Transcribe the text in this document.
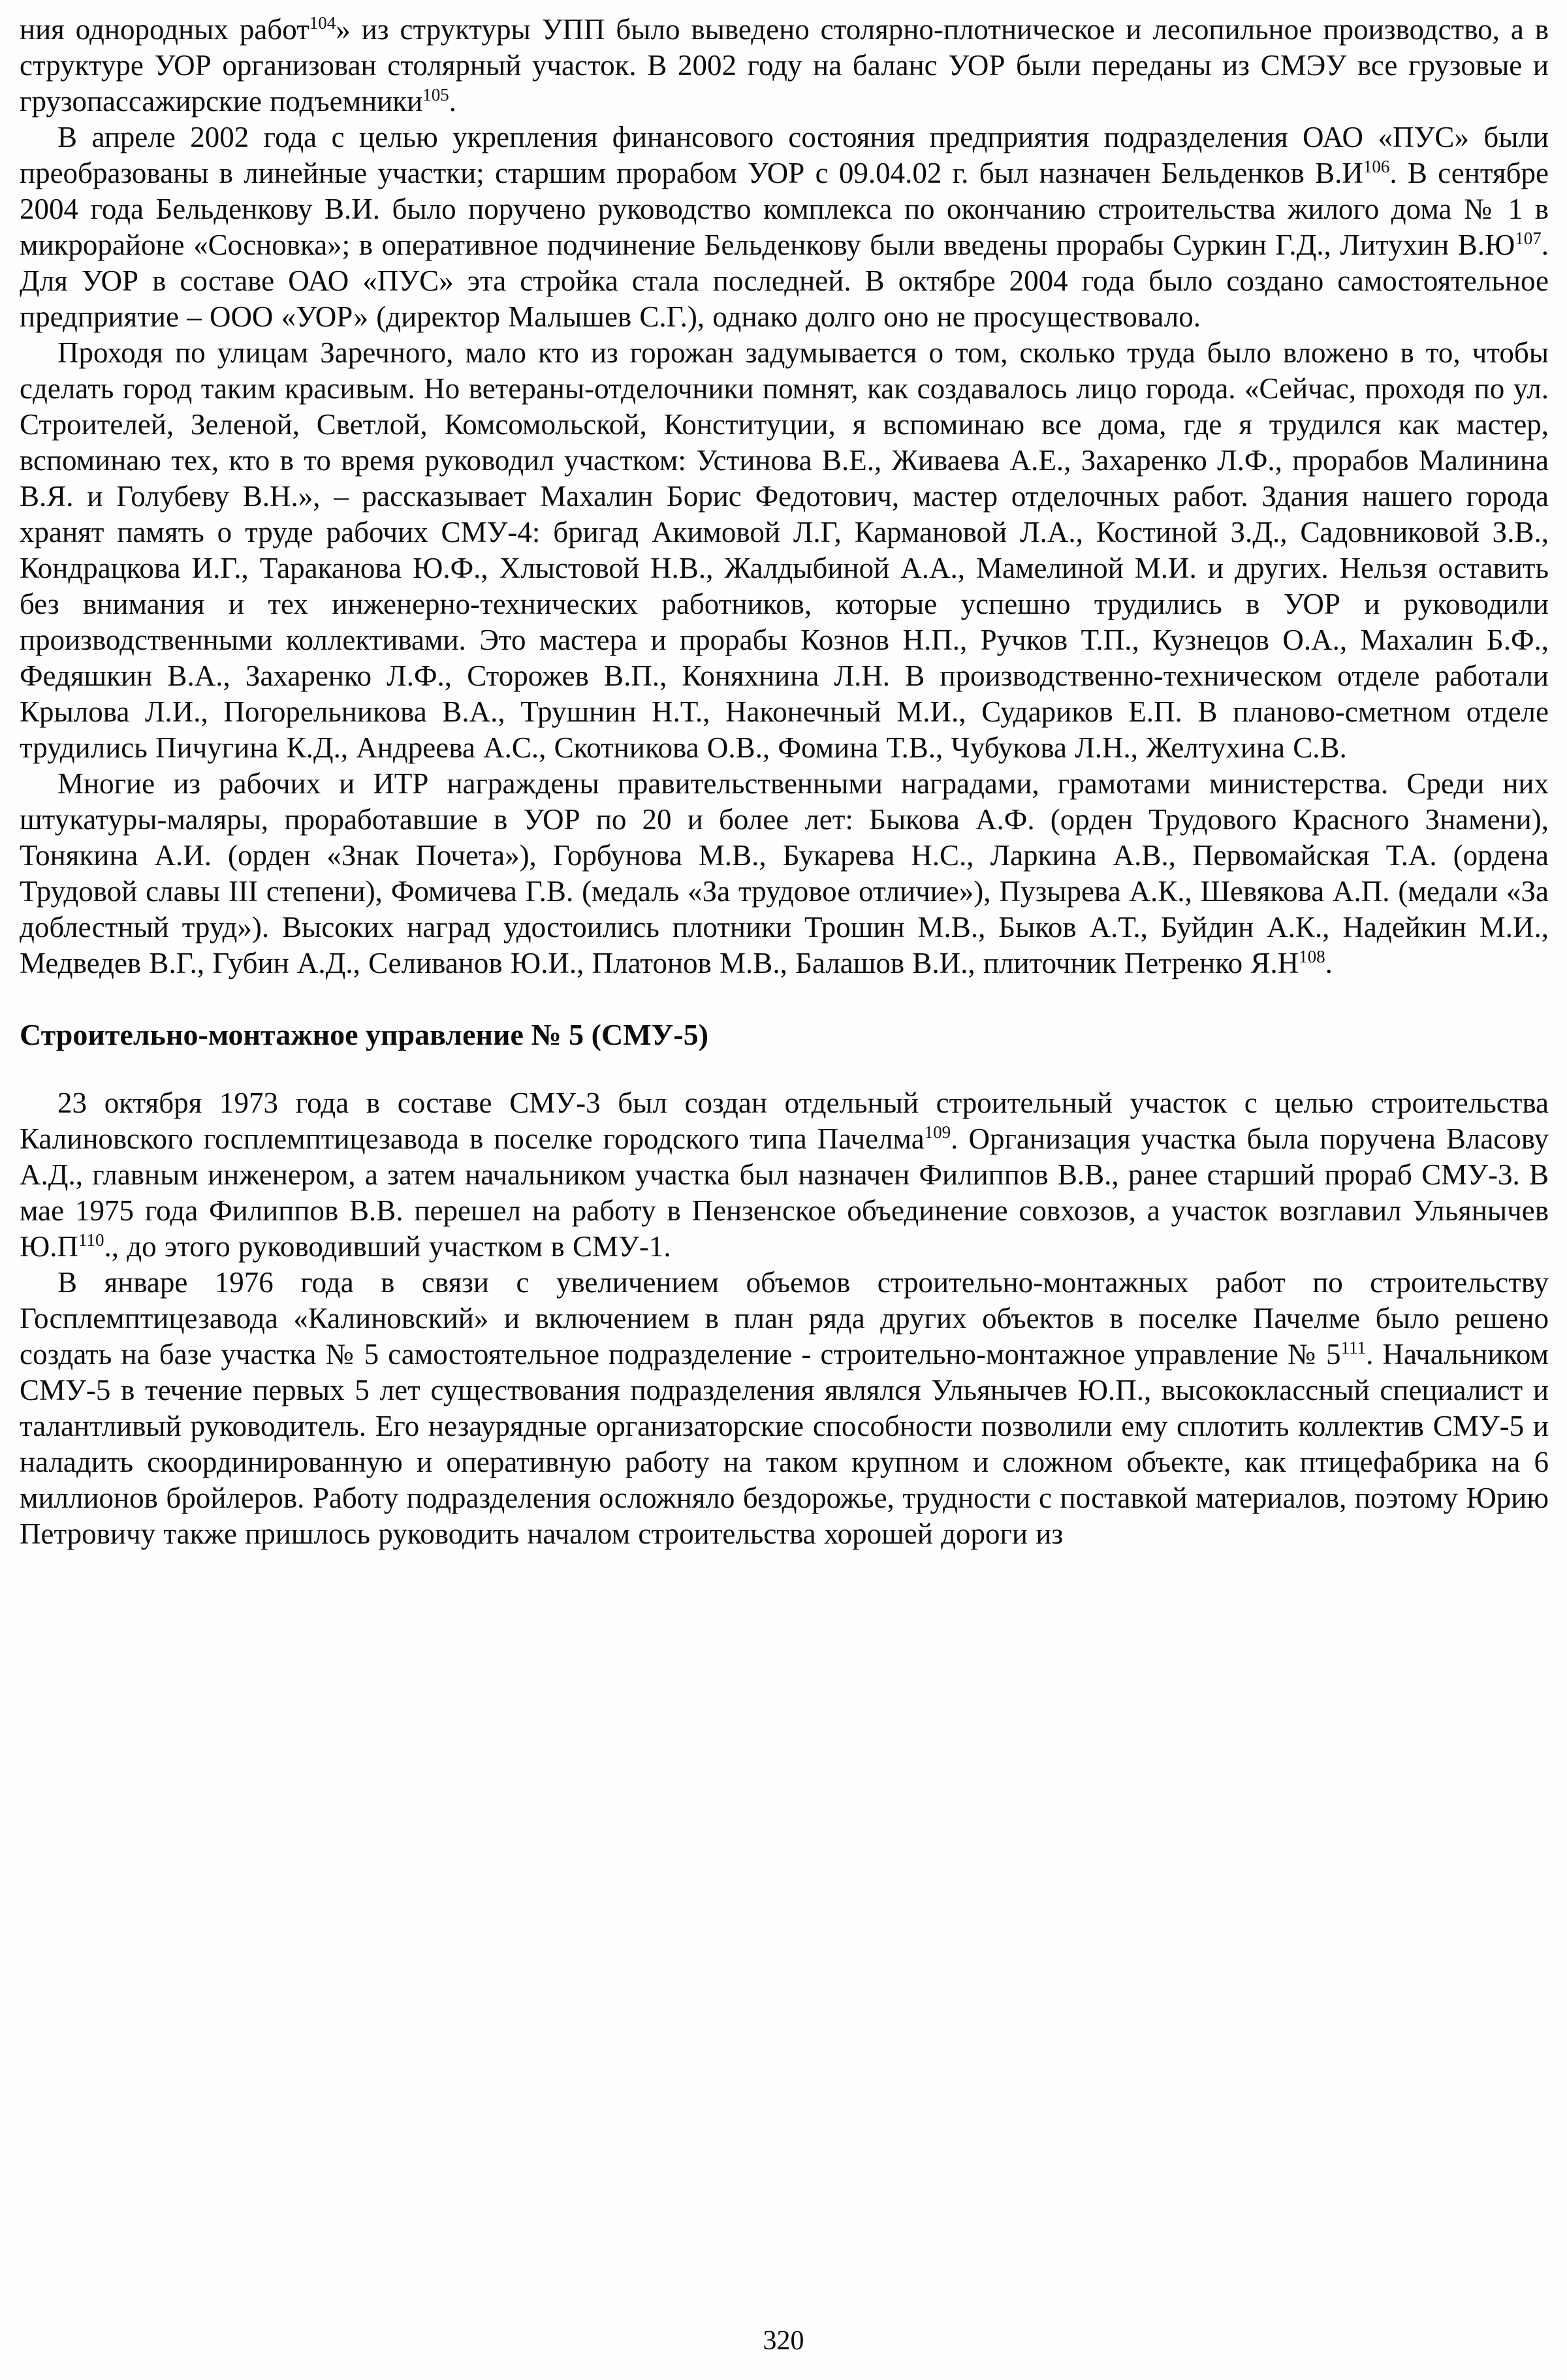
ния однородных работ$^{104}$» из структуры УПП было выведено столярно-плотническое и лесопильное производство, а в структуре УОР организован столярный участок. В 2002 году на баланс УОР были переданы из СМЭУ все грузовые и грузопассажирские подъемники$^{105}$.

В апреле 2002 года с целью укрепления финансового состояния предприятия подразделения ОАО «ПУС» были преобразованы в линейные участки; старшим прорабом УОР с 09.04.02 г. был назначен Бельденков В.И$^{106}$. В сентябре 2004 года Бельденкову В.И. было поручено руководство комплекса по окончанию строительства жилого дома № 1 в микрорайоне «Сосновка»; в оперативное подчинение Бельденкову были введены прорабы Суркин Г.Д., Литухин В.Ю$^{107}$. Для УОР в составе ОАО «ПУС» эта стройка стала последней. В октябре 2004 года было создано самостоятельное предприятие – ООО «УОР» (директор Малышев С.Г.), однако долго оно не просуществовало.

Проходя по улицам Заречного, мало кто из горожан задумывается о том, сколько труда было вложено в то, чтобы сделать город таким красивым. Но ветераны-отделочники помнят, как создавалось лицо города. «Сейчас, проходя по ул. Строителей, Зеленой, Светлой, Комсомольской, Конституции, я вспоминаю все дома, где я трудился как мастер, вспоминаю тех, кто в то время руководил участком: Устинова В.Е., Живаева А.Е., Захаренко Л.Ф., прорабов Малинина В.Я. и Голубеву В.Н.», – рассказывает Махалин Борис Федотович, мастер отделочных работ. Здания нашего города хранят память о труде рабочих СМУ-4: бригад Акимовой Л.Г, Кармановой Л.А., Костиной З.Д., Садовниковой З.В., Кондрацкова И.Г., Тараканова Ю.Ф., Хлыстовой Н.В., Жалдыбиной А.А., Мамелиной М.И. и других. Нельзя оставить без внимания и тех инженерно-технических работников, которые успешно трудились в УОР и руководили производственными коллективами. Это мастера и прорабы Кознов Н.П., Ручков Т.П., Кузнецов О.А., Махалин Б.Ф., Федяшкин В.А., Захаренко Л.Ф., Сторожев В.П., Коняхнина Л.Н. В производственно-техническом отделе работали Крылова Л.И., Погорельникова В.А., Трушнин Н.Т., Наконечный М.И., Судариков Е.П. В планово-сметном отделе трудились Пичугина К.Д., Андреева А.С., Скотникова О.В., Фомина Т.В., Чубукова Л.Н., Желтухина С.В.

Многие из рабочих и ИТР награждены правительственными наградами, грамотами министерства. Среди них штукатуры-маляры, проработавшие в УОР по 20 и более лет: Быкова А.Ф. (орден Трудового Красного Знамени), Тонякина А.И. (орден «Знак Почета»), Горбунова М.В., Букарева Н.С., Ларкина А.В., Первомайская Т.А. (ордена Трудовой славы III степени), Фомичева Г.В. (медаль «За трудовое отличие»), Пузырева А.К., Шевякова А.П. (медали «За доблестный труд»). Высоких наград удостоились плотники Трошин М.В., Быков А.Т., Буйдин А.К., Надейкин М.И., Медведев В.Г., Губин А.Д., Селиванов Ю.И., Платонов М.В., Балашов В.И., плиточник Петренко Я.Н$^{108}$.

Строительно-монтажное управление № 5 (СМУ-5)

23 октября 1973 года в составе СМУ-3 был создан отдельный строительный участок с целью строительства Калиновского госплемптицезавода в поселке городского типа Пачелма$^{109}$. Организация участка была поручена Власову А.Д., главным инженером, а затем начальником участка был назначен Филиппов В.В., ранее старший прораб СМУ-3. В мае 1975 года Филиппов В.В. перешел на работу в Пензенское объединение совхозов, а участок возглавил Ульянычев Ю.П$^{110}$., до этого руководивший участком в СМУ-1.

В январе 1976 года в связи с увеличением объемов строительно-монтажных работ по строительству Госплемптицезавода «Калиновский» и включением в план ряда других объектов в поселке Пачелме было решено создать на базе участка № 5 самостоятельное подразделение - строительно-монтажное управление № 5$^{111}$. Начальником СМУ-5 в течение первых 5 лет существования подразделения являлся Ульянычев Ю.П., высококлассный специалист и талантливый руководитель. Его незаурядные организаторские способности позволили ему сплотить коллектив СМУ-5 и наладить скоординированную и оперативную работу на таком крупном и сложном объекте, как птицефабрика на 6 миллионов бройлеров. Работу подразделения осложняло бездорожье, трудности с поставкой материалов, поэтому Юрию Петровичу также пришлось руководить началом строительства хорошей дороги из

320
